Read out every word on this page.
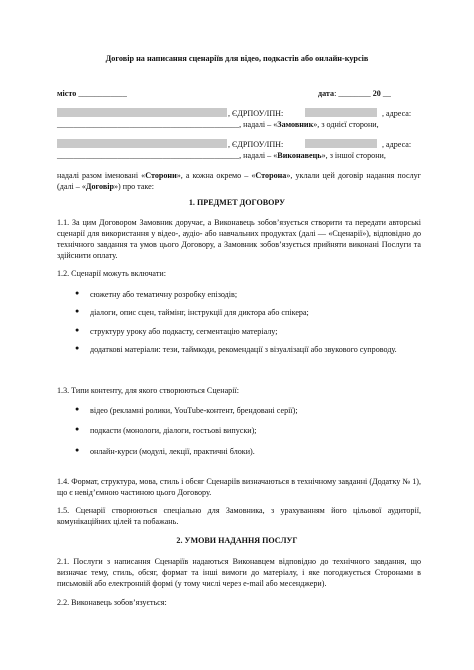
Договір на написання сценаріїв для відео, подкастів або онлайн-курсів
місто ____________	дата: ________ 20 __
, ЄДРПОУ/ІПН:	, адреса:
_____________________________________________, надалі – «Замовник», з однієї сторони,
, ЄДРПОУ/ІПН:	, адреса:
_____________________________________________, надалі – «Виконавець», з іншої сторони,
надалі разом іменовані «Сторони», а кожна окремо – «Сторона», уклали цей договір надання послуг (далі – «Договір») про таке:
1. ПРЕДМЕТ ДОГОВОРУ
1.1. За цим Договором Замовник доручає, а Виконавець зобов’язується створити та передати авторські сценарії для використання у відео-, аудіо- або навчальних продуктах (далі — «Сценарії»), відповідно до технічного завдання та умов цього Договору, а Замовник зобов’язується прийняти виконані Послуги та здійснити оплату.
1.2. Сценарії можуть включати:
● сюжетну або тематичну розробку епізодів;
● діалоги, опис сцен, таймінг, інструкції для диктора або спікера;
● структуру уроку або подкасту, сегментацію матеріалу;
● додаткові матеріали: тези, таймкоди, рекомендації з візуалізації або звукового супроводу.
1.3. Типи контенту, для якого створюються Сценарії:
● відео (рекламні ролики, YouTube-контент, брендовані серії);
● подкасти (монологи, діалоги, гостьові випуски);
● онлайн-курси (модулі, лекції, практичні блоки).
1.4. Формат, структура, мова, стиль і обсяг Сценаріїв визначаються в технічному завданні (Додатку № 1), що є невід’ємною частиною цього Договору.
1.5. Сценарії створюються спеціально для Замовника, з урахуванням його цільової аудиторії, комунікаційних цілей та побажань.
2. УМОВИ НАДАННЯ ПОСЛУГ
2.1. Послуги з написання Сценаріїв надаються Виконавцем відповідно до технічного завдання, що визначає тему, стиль, обсяг, формат та інші вимоги до матеріалу, і яке погоджується Сторонами в письмовій або електронній формі (у тому числі через e-mail або месенджери).
2.2. Виконавець зобов’язується:
